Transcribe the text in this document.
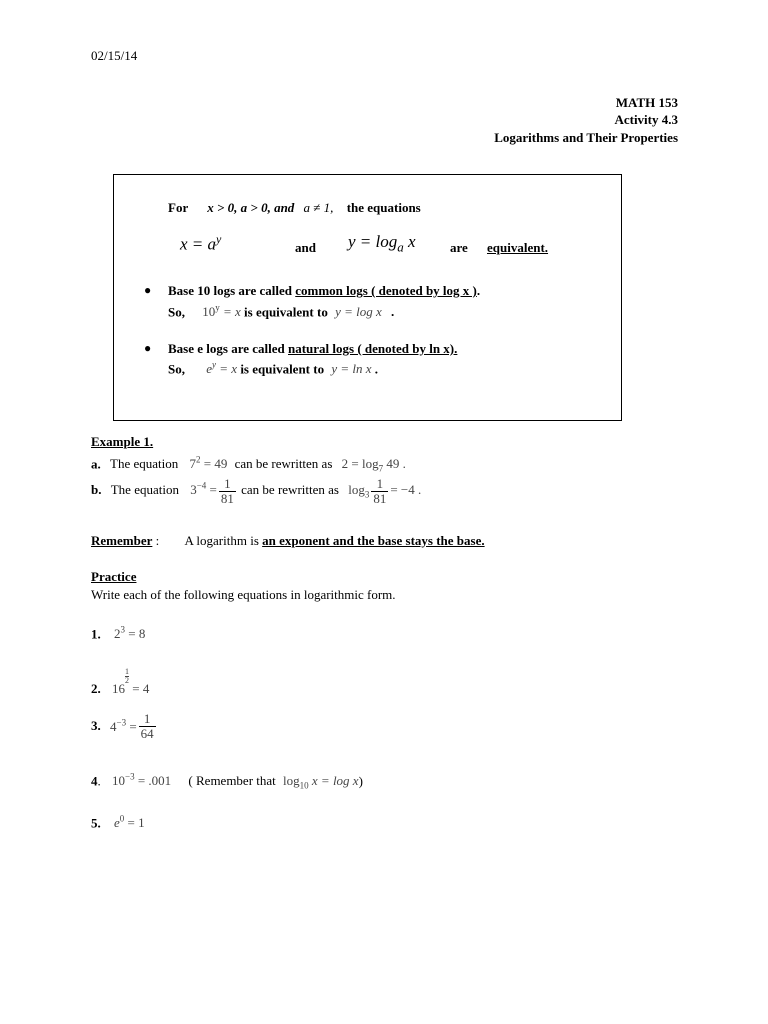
02/15/14
MATH 153
Activity 4.3
Logarithms and Their Properties
For x > 0, a > 0, and a ≠ 1, the equations
$x = a^y$
and $y = \log_a x$	are equivalent.
● Base 10 logs are called common logs ( denoted by log x ).
So, $10^y = x$ is equivalent to y = log x .
● Base e logs are called natural logs ( denoted by ln x).
So, $e^y = x$ is equivalent to y = ln x .
Example 1.
a. The equation $7^2 = 49$ can be rewritten as $2 = \log_7 49$ .
b. The equation $3^{-4} = \frac{1}{81}$ can be rewritten as $\log_3 \frac{1}{81} = -4$ .
Remember : A logarithm is an exponent and the base stays the base.
Practice
Write each of the following equations in logarithmic form.
1. $2^3 = 8$
2. 16
$\frac{1}{2}$
= 4
3. $4^{-3} = \frac{1}{64}$
4. $10^{-3} = .001$ ( Remember that $\log_{10} x = \log x$)
5. $e^0 = 1$
